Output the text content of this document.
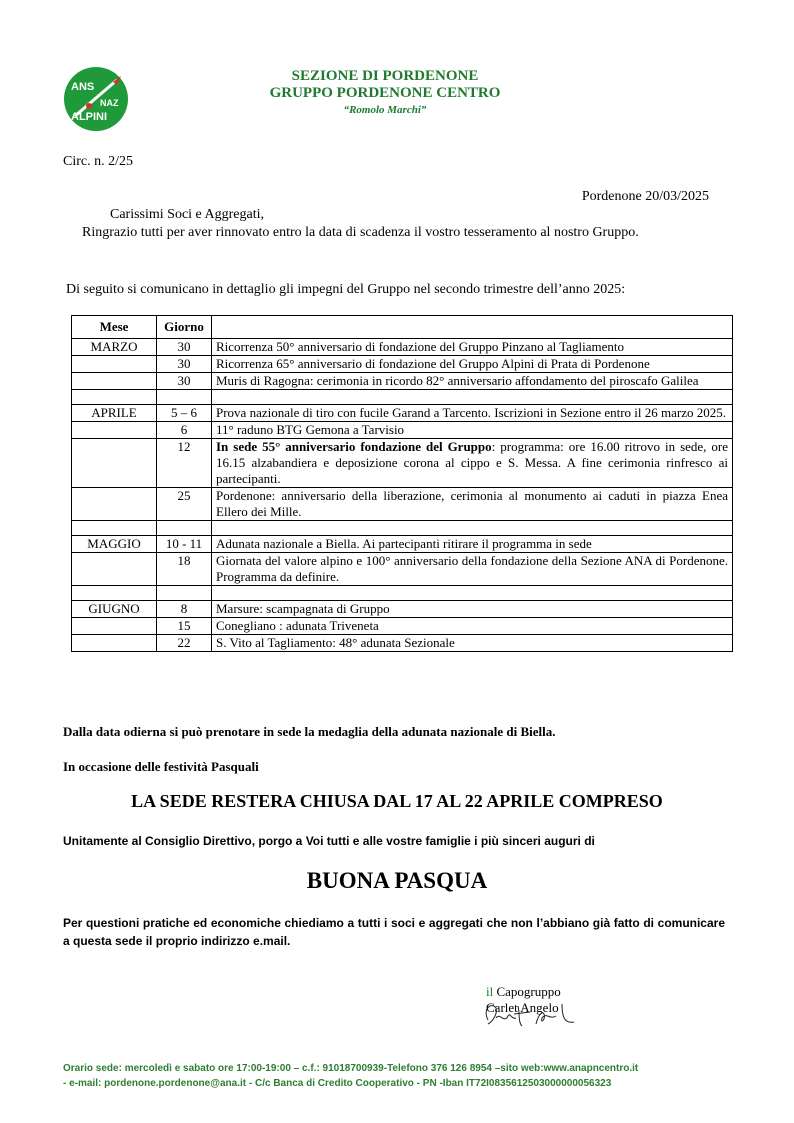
ANS
NAZ
ALPINI
SEZIONE DI PORDENONE
GRUPPO PORDENONE CENTRO
“Romolo Marchi”
Circ. n. 2/25
Pordenone 20/03/2025
Carissimi Soci e Aggregati,
Ringrazio tutti per aver rinnovato entro la data di scadenza il vostro tesseramento al nostro Gruppo.
Di seguito si comunicano in dettaglio gli impegni del Gruppo nel secondo trimestre dell’anno 2025:
Mese	Giorno	
MARZO	30	Ricorrenza 50° anniversario di fondazione del Gruppo Pinzano al Tagliamento
	30	Ricorrenza 65° anniversario di fondazione del Gruppo Alpini di Prata di Pordenone
	30	Muris di Ragogna: cerimonia in ricordo 82° anniversario affondamento del piroscafo Galilea

APRILE	5 – 6	Prova nazionale di tiro con fucile Garand a Tarcento. Iscrizioni in Sezione entro il 26 marzo 2025.
	6	11° raduno BTG Gemona a Tarvisio
	12	In sede 55° anniversario fondazione del Gruppo: programma: ore 16.00 ritrovo in sede, ore 16.15 alzabandiera e deposizione corona al cippo e S. Messa. A fine cerimonia rinfresco ai partecipanti.
	25	Pordenone: anniversario della liberazione, cerimonia al monumento ai caduti in piazza Enea Ellero dei Mille.

MAGGIO	10 - 11	Adunata nazionale a Biella. Ai partecipanti ritirare il programma in sede
	18	Giornata del valore alpino e 100° anniversario della fondazione della Sezione ANA di Pordenone. Programma da definire.

GIUGNO	8	Marsure: scampagnata di Gruppo
	15	Conegliano : adunata Triveneta
	22	S. Vito al Tagliamento: 48° adunata Sezionale
Dalla data odierna si può prenotare in sede la medaglia della adunata nazionale di Biella.
In occasione delle festività Pasquali
LA SEDE RESTERA CHIUSA DAL 17 AL 22 APRILE COMPRESO
Unitamente al Consiglio Direttivo, porgo a Voi tutti e alle vostre famiglie i più sinceri auguri di
BUONA PASQUA
Per questioni pratiche ed economiche chiediamo a tutti i soci e aggregati che non l’abbiano già fatto di comunicare a questa sede il proprio indirizzo e.mail.
il Capogruppo
Carlet Angelo
Orario sede: mercoledì e sabato ore 17:00-19:00 – c.f.: 91018700939-Telefono 376 126 8954 –sito web:www.anapncentro.it
- e-mail: pordenone.pordenone@ana.it - C/c Banca di Credito Cooperativo - PN -Iban IT72I0835612503000000056323
